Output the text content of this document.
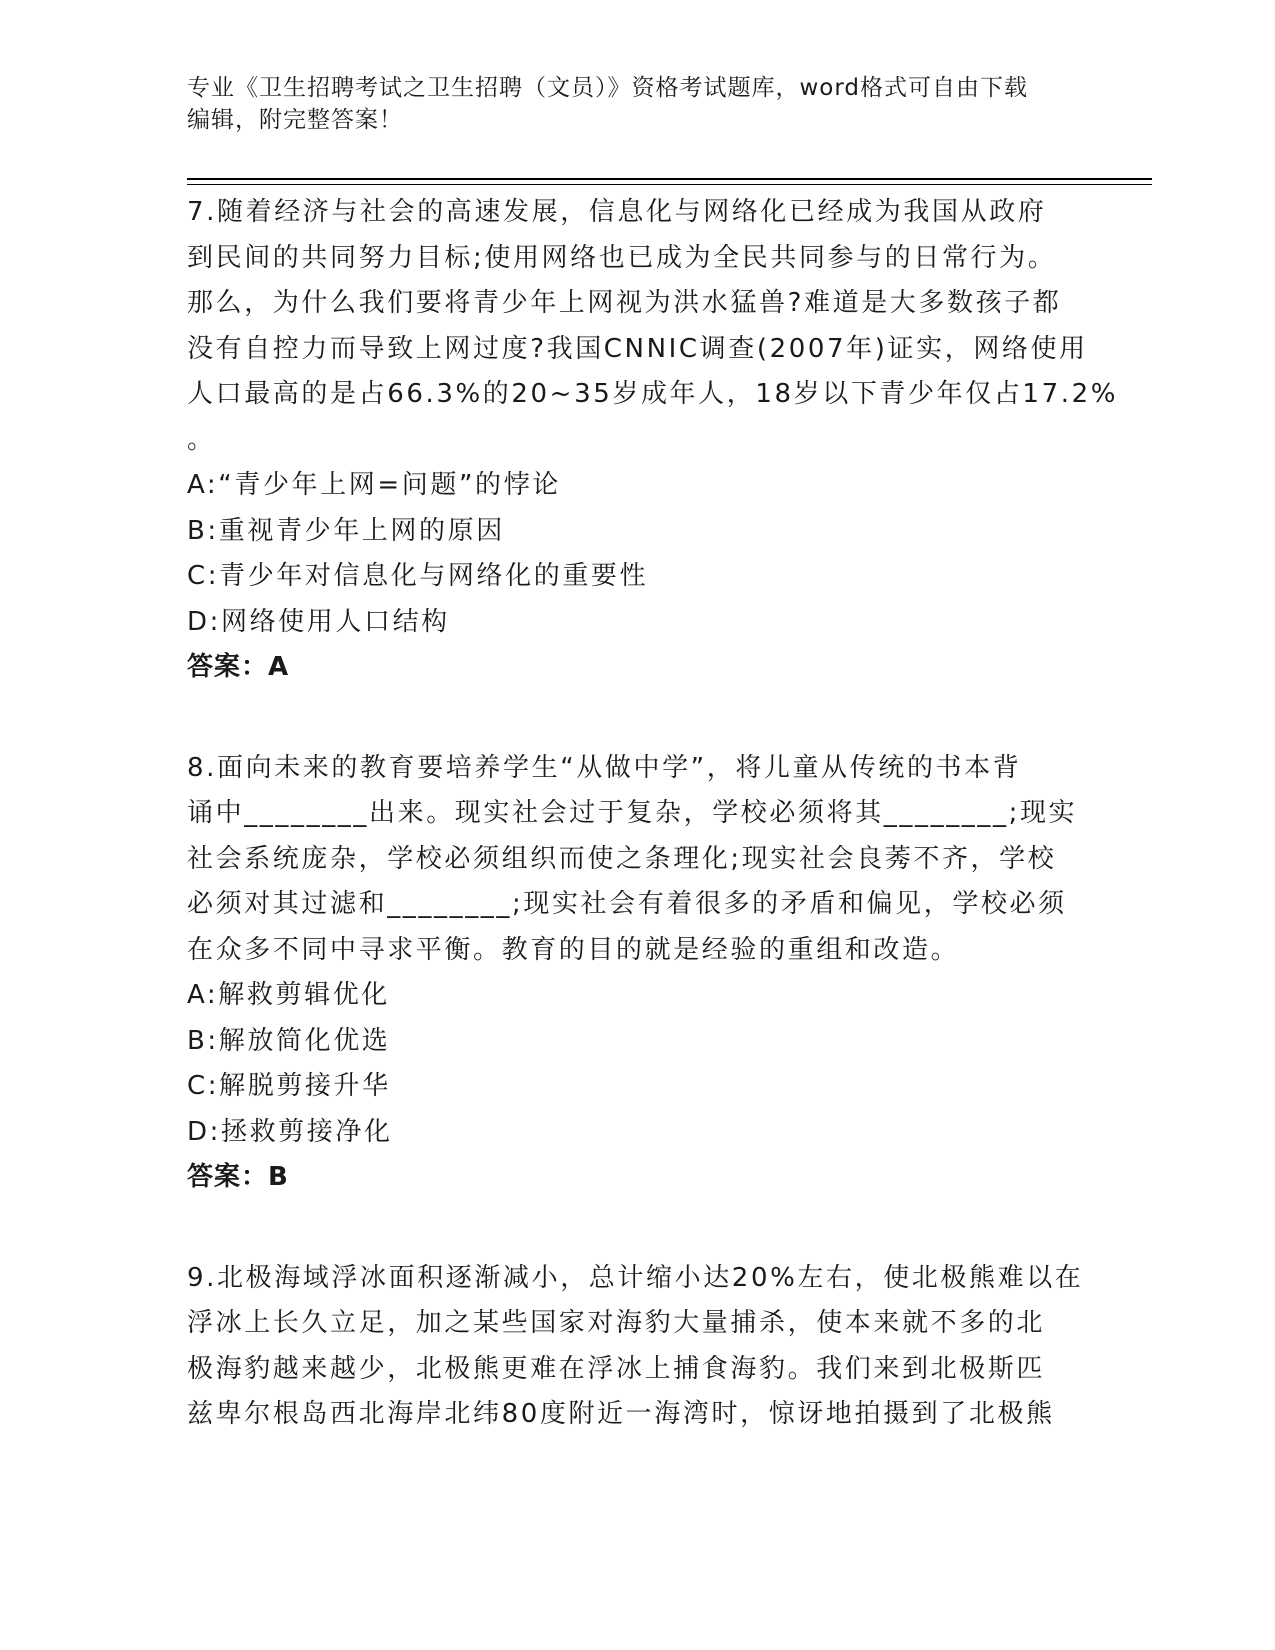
专业《卫生招聘考试之卫生招聘（文员）》资格考试题库，word格式可自由下载
编辑，附完整答案！
7.随着经济与社会的高速发展，信息化与网络化已经成为我国从政府
到民间的共同努力目标;使用网络也已成为全民共同参与的日常行为。
那么，为什么我们要将青少年上网视为洪水猛兽?难道是大多数孩子都
没有自控力而导致上网过度?我国CNNIC调查(2007年)证实，网络使用
人口最高的是占66.3%的20~35岁成年人，18岁以下青少年仅占17.2%
。
A:“青少年上网=问题”的悖论
B:重视青少年上网的原因
C:青少年对信息化与网络化的重要性
D:网络使用人口结构
答案：A
8.面向未来的教育要培养学生“从做中学”，将儿童从传统的书本背
诵中________出来。现实社会过于复杂，学校必须将其________;现实
社会系统庞杂，学校必须组织而使之条理化;现实社会良莠不齐，学校
必须对其过滤和________;现实社会有着很多的矛盾和偏见，学校必须
在众多不同中寻求平衡。教育的目的就是经验的重组和改造。
A:解救剪辑优化
B:解放简化优选
C:解脱剪接升华
D:拯救剪接净化
答案：B
9.北极海域浮冰面积逐渐减小，总计缩小达20%左右，使北极熊难以在
浮冰上长久立足，加之某些国家对海豹大量捕杀，使本来就不多的北
极海豹越来越少，北极熊更难在浮冰上捕食海豹。我们来到北极斯匹
兹卑尔根岛西北海岸北纬80度附近一海湾时，惊讶地拍摄到了北极熊
